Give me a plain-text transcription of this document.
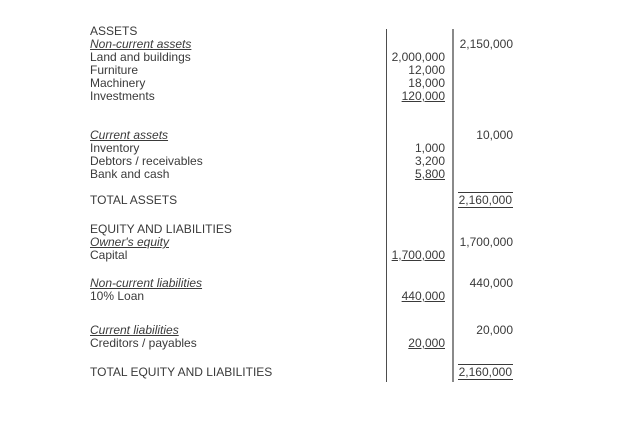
ASSETS
Non-current assets	2,150,000
Land and buildings	2,000,000
Furniture	12,000
Machinery	18,000
Investments	120,000
Current assets	10,000
Inventory	1,000
Debtors / receivables	3,200
Bank and cash	5,800
TOTAL ASSETS	2,160,000
EQUITY AND LIABILITIES
Owner's equity	1,700,000
Capital	1,700,000
Non-current liabilities	440,000
10% Loan	440,000
Current liabilities	20,000
Creditors / payables	20,000
TOTAL EQUITY AND LIABILITIES	2,160,000
